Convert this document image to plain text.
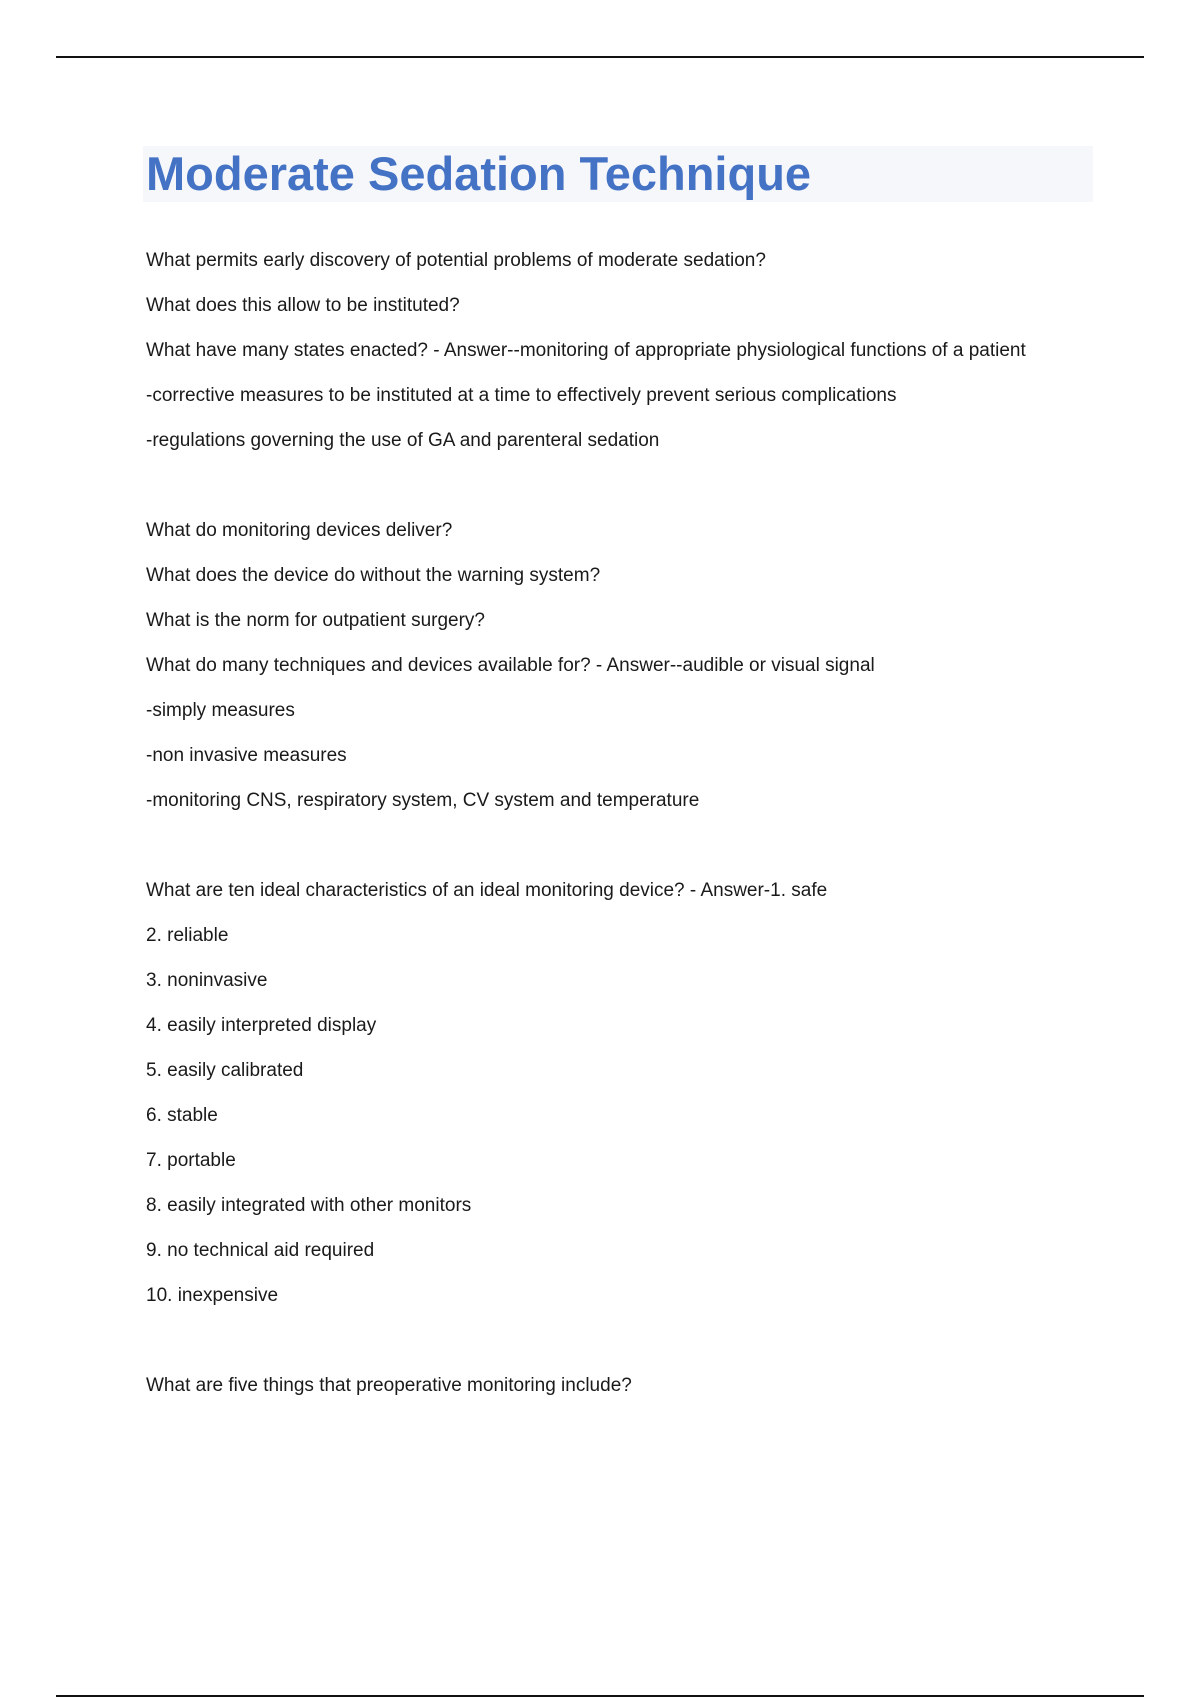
Moderate Sedation Technique

What permits early discovery of potential problems of moderate sedation?

What does this allow to be instituted?

What have many states enacted? - Answer--monitoring of appropriate physiological functions of a patient

-corrective measures to be instituted at a time to effectively prevent serious complications

-regulations governing the use of GA and parenteral sedation

What do monitoring devices deliver?

What does the device do without the warning system?

What is the norm for outpatient surgery?

What do many techniques and devices available for? - Answer--audible or visual signal

-simply measures

-non invasive measures

-monitoring CNS, respiratory system, CV system and temperature

What are ten ideal characteristics of an ideal monitoring device? - Answer-1. safe

2. reliable

3. noninvasive

4. easily interpreted display

5. easily calibrated

6. stable

7. portable

8. easily integrated with other monitors

9. no technical aid required

10. inexpensive

What are five things that preoperative monitoring include?
